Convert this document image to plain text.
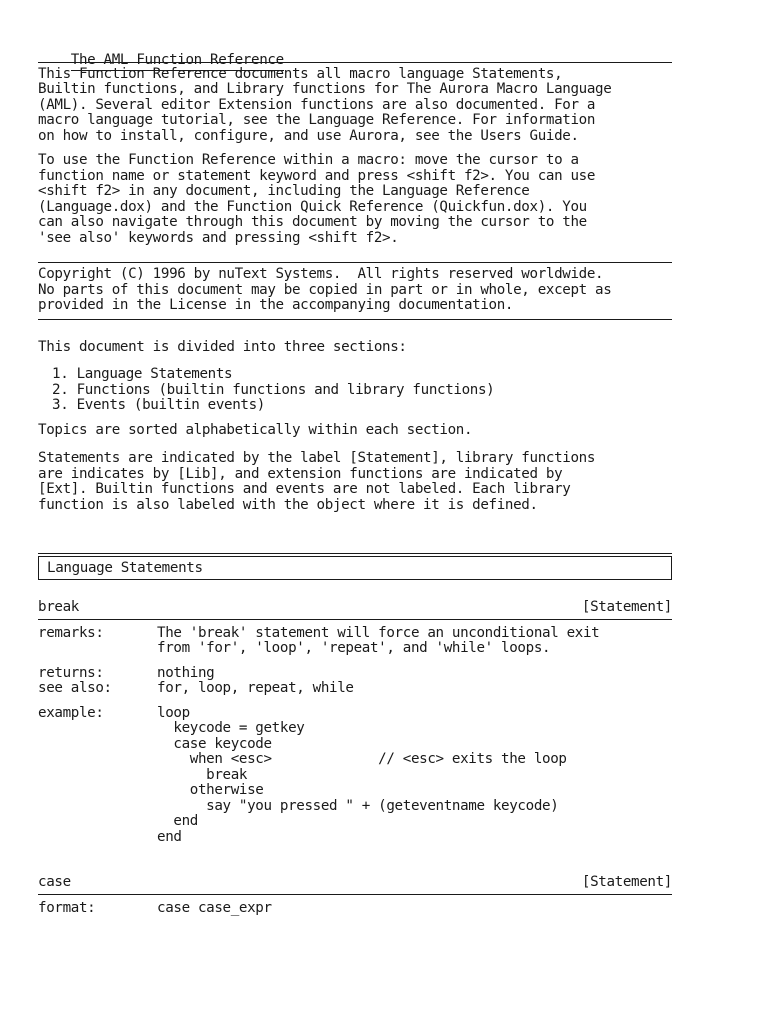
The AML Function Reference

This Function Reference documents all macro language Statements,
Builtin functions, and Library functions for The Aurora Macro Language
(AML). Several editor Extension functions are also documented. For a
macro language tutorial, see the Language Reference. For information
on how to install, configure, and use Aurora, see the Users Guide.
To use the Function Reference within a macro: move the cursor to a
function name or statement keyword and press <shift f2>. You can use
<shift f2> in any document, including the Language Reference
(Language.dox) and the Function Quick Reference (Quickfun.dox). You
can also navigate through this document by moving the cursor to the
'see also' keywords and pressing <shift f2>.
Copyright (C) 1996 by nuText Systems.  All rights reserved worldwide.
No parts of this document may be copied in part or in whole, except as
provided in the License in the accompanying documentation.
This document is divided into three sections:
1. Language Statements
2. Functions (builtin functions and library functions)
3. Events (builtin events)
Topics are sorted alphabetically within each section.
Statements are indicated by the label [Statement], library functions
are indicates by [Lib], and extension functions are indicated by
[Ext]. Builtin functions and events are not labeled. Each library
function is also labeled with the object where it is defined.
Language Statements
break	[Statement]
remarks:	The 'break' statement will force an unconditional exit
from 'for', 'loop', 'repeat', and 'while' loops.
returns:	nothing
see also:	for, loop, repeat, while
example:	loop
keycode = getkey
case keycode
when <esc>             // <esc> exits the loop
break
otherwise
say "you pressed " + (geteventname keycode)
end
end
case	[Statement]
format:	case case_expr
